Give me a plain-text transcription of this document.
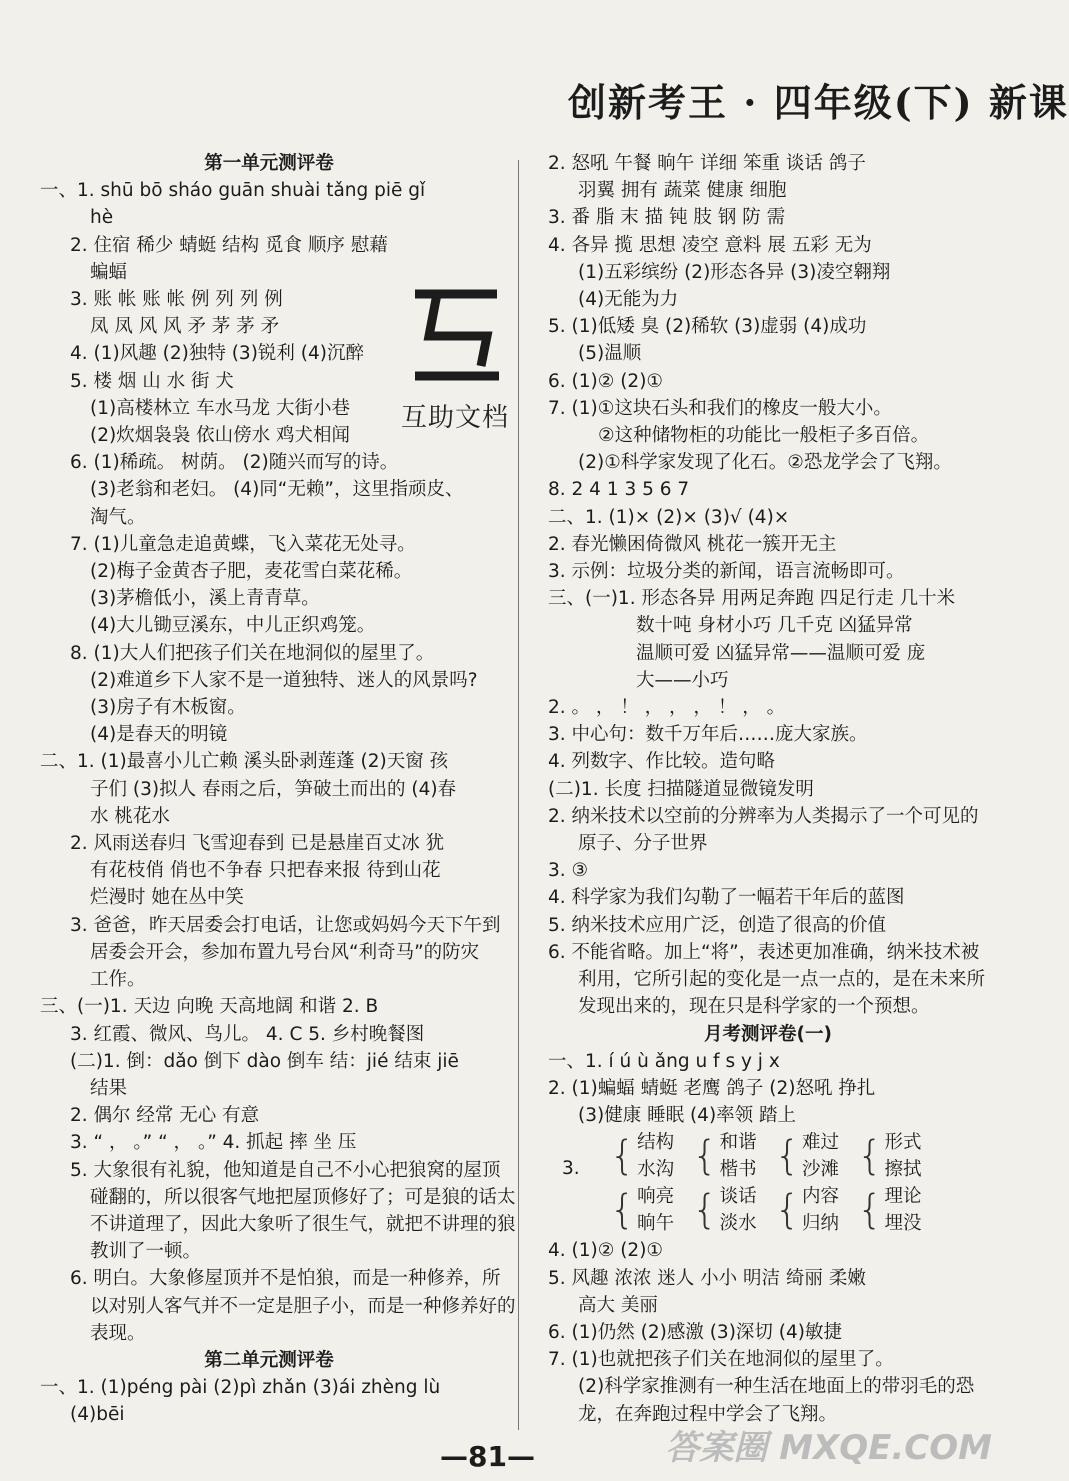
创新考王 · 四年级(下) 新课
第一单元测评卷
一、1. shū bō sháo guān shuài tǎng piē gǐ
hè
2. 住宿 稀少 蜻蜓 结构 觅食 顺序 慰藉
蝙蝠
3. 账 帐 账 帐 例 列 列 例
凤 凤 风 风 矛 茅 茅 矛
4. (1)风趣 (2)独特 (3)锐利 (4)沉醉
5. 楼 烟 山 水 街 犬
(1)高楼林立 车水马龙 大街小巷
(2)炊烟袅袅 依山傍水 鸡犬相闻
6. (1)稀疏。 树荫。 (2)随兴而写的诗。
(3)老翁和老妇。 (4)同“无赖”，这里指顽皮、
淘气。
7. (1)儿童急走追黄蝶，飞入菜花无处寻。
(2)梅子金黄杏子肥，麦花雪白菜花稀。
(3)茅檐低小，溪上青青草。
(4)大儿锄豆溪东，中儿正织鸡笼。
8. (1)大人们把孩子们关在地洞似的屋里了。
(2)难道乡下人家不是一道独特、迷人的风景吗?
(3)房子有木板窗。
(4)是春天的明镜
二、1. (1)最喜小儿亡赖 溪头卧剥莲蓬 (2)天窗 孩
子们 (3)拟人 春雨之后，笋破土而出的 (4)春
水 桃花水
2. 风雨送春归 飞雪迎春到 已是悬崖百丈冰 犹
有花枝俏 俏也不争春 只把春来报 待到山花
烂漫时 她在丛中笑
3. 爸爸，昨天居委会打电话，让您或妈妈今天下午到
居委会开会，参加布置九号台风“利奇马”的防灾
工作。
三、(一)1. 天边 向晚 天高地阔 和谐 2. B
3. 红霞、微风、鸟儿。 4. C 5. 乡村晚餐图
(二)1. 倒：dǎo 倒下 dào 倒车 结：jié 结束 jiē
结果
2. 偶尔 经常 无心 有意
3. “ ， 。” “ ， 。” 4. 抓起 摔 坐 压
5. 大象很有礼貌，他知道是自己不小心把狼窝的屋顶
碰翻的，所以很客气地把屋顶修好了；可是狼的话太
不讲道理了，因此大象听了很生气，就把不讲理的狼
教训了一顿。
6. 明白。大象修屋顶并不是怕狼，而是一种修养，所
以对别人客气并不一定是胆子小，而是一种修养好的
表现。
第二单元测评卷
一、1. (1)péng pài (2)pì zhǎn (3)ái zhèng lù
(4)bēi
2. 怒吼 午餐 晌午 详细 笨重 谈话 鸽子
羽翼 拥有 蔬菜 健康 细胞
3. 番 脂 末 描 钝 肢 钢 防 需
4. 各异 揽 思想 凌空 意料 展 五彩 无为
(1)五彩缤纷 (2)形态各异 (3)凌空翱翔
(4)无能为力
5. (1)低矮 臭 (2)稀软 (3)虚弱 (4)成功
(5)温顺
6. (1)② (2)①
7. (1)①这块石头和我们的橡皮一般大小。
②这种储物柜的功能比一般柜子多百倍。
(2)①科学家发现了化石。②恐龙学会了飞翔。
8. 2 4 1 3 5 6 7
二、1. (1)× (2)× (3)√ (4)×
2. 春光懒困倚微风 桃花一簇开无主
3. 示例：垃圾分类的新闻，语言流畅即可。
三、(一)1. 形态各异 用两足奔跑 四足行走 几十米
数十吨 身材小巧 几千克 凶猛异常
温顺可爱 凶猛异常——温顺可爱 庞
大——小巧
2. 。 ， ！ ， ， ， ！ ， 。
3. 中心句：数千万年后……庞大家族。
4. 列数字、作比较。造句略
(二)1. 长度 扫描隧道显微镜发明
2. 纳米技术以空前的分辨率为人类揭示了一个可见的
原子、分子世界
3. ③
4. 科学家为我们勾勒了一幅若干年后的蓝图
5. 纳米技术应用广泛，创造了很高的价值
6. 不能省略。加上“将”，表述更加准确，纳米技术被
利用，它所引起的变化是一点一点的，是在未来所
发现出来的，现在只是科学家的一个预想。
月考测评卷(一)
一、1. í ú ù ǎng u f s y j x
2. (1)蝙蝠 蜻蜓 老鹰 鸽子 (2)怒吼 挣扎
(3)健康 睡眠 (4)率领 踏上
3. { 结构
水沟 { 和谐
楷书 { 难过
沙滩 { 形式
擦拭
{ 响亮
晌午 { 谈话
淡水 { 内容
归纳 { 理论
埋没
4. (1)② (2)①
5. 风趣 浓浓 迷人 小小 明洁 绮丽 柔嫩
高大 美丽
6. (1)仍然 (2)感激 (3)深切 (4)敏捷
7. (1)也就把孩子们关在地洞似的屋里了。
(2)科学家推测有一种生活在地面上的带羽毛的恐
龙，在奔跑过程中学会了飞翔。
互助文档
—81—	答案圈 MXQE.COM
